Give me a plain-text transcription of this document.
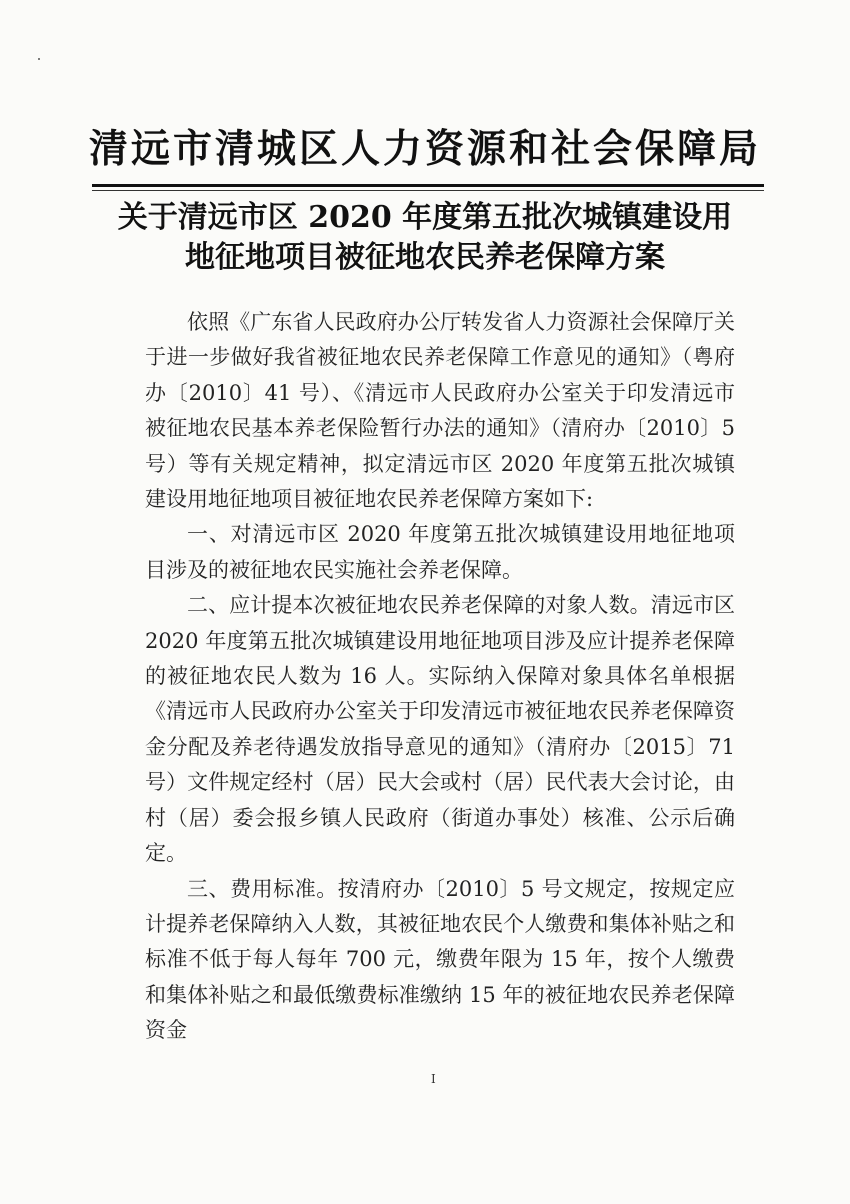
清远市清城区人力资源和社会保障局
关于清远市区 2020 年度第五批次城镇建设用
地征地项目被征地农民养老保障方案

依照《广东省人民政府办公厅转发省人力资源社会保障厅关于进一步做好我省被征地农民养老保障工作意见的通知》（粤府办〔2010〕41 号）、《清远市人民政府办公室关于印发清远市被征地农民基本养老保险暂行办法的通知》（清府办〔2010〕5 号）等有关规定精神，拟定清远市区 2020 年度第五批次城镇建设用地征地项目被征地农民养老保障方案如下:

一、对清远市区 2020 年度第五批次城镇建设用地征地项目涉及的被征地农民实施社会养老保障。

二、应计提本次被征地农民养老保障的对象人数。清远市区 2020 年度第五批次城镇建设用地征地项目涉及应计提养老保障的被征地农民人数为 16 人。实际纳入保障对象具体名单根据《清远市人民政府办公室关于印发清远市被征地农民养老保障资金分配及养老待遇发放指导意见的通知》（清府办〔2015〕71 号）文件规定经村（居）民大会或村（居）民代表大会讨论，由村（居）委会报乡镇人民政府（街道办事处）核准、公示后确定。

三、费用标准。按清府办〔2010〕5 号文规定，按规定应计提养老保障纳入人数，其被征地农民个人缴费和集体补贴之和标准不低于每人每年 700 元，缴费年限为 15 年，按个人缴费和集体补贴之和最低缴费标准缴纳 15 年的被征地农民养老保障资金

I
